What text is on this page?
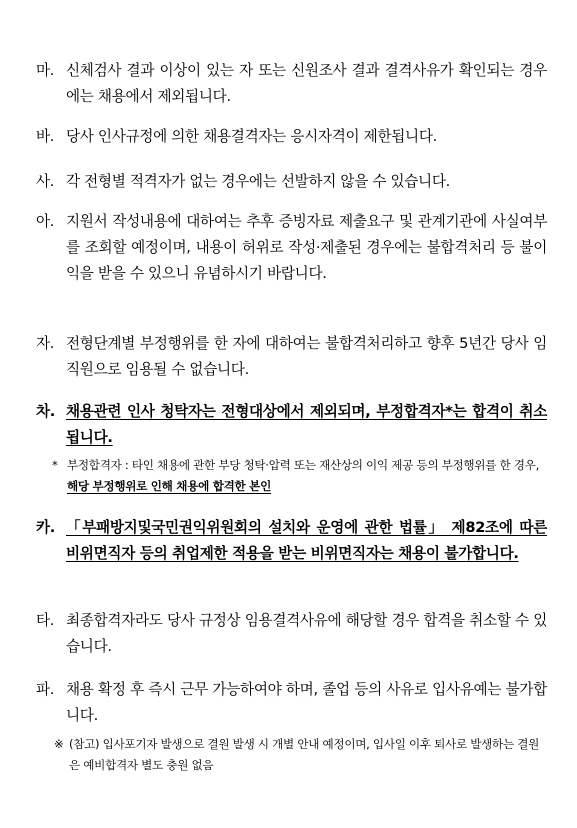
마. 신체검사 결과 이상이 있는 자 또는 신원조사 결과 결격사유가 확인되는 경우에는 채용에서 제외됩니다.
바. 당사 인사규정에 의한 채용결격자는 응시자격이 제한됩니다.
사. 각 전형별 적격자가 없는 경우에는 선발하지 않을 수 있습니다.
아. 지원서 작성내용에 대하여는 추후 증빙자료 제출요구 및 관계기관에 사실여부를 조회할 예정이며, 내용이 허위로 작성·제출된 경우에는 불합격처리 등 불이익을 받을 수 있으니 유념하시기 바랍니다.
자. 전형단계별 부정행위를 한 자에 대하여는 불합격처리하고 향후 5년간 당사 임직원으로 임용될 수 없습니다.
차. 채용관련 인사 청탁자는 전형대상에서 제외되며, 부정합격자*는 합격이 취소됩니다.
* 부정합격자 : 타인 채용에 관한 부당 청탁·압력 또는 재산상의 이익 제공 등의 부정행위를 한 경우, 해당 부정행위로 인해 채용에 합격한 본인
카. 「부패방지및국민권익위원회의 설치와 운영에 관한 법률」 제82조에 따른 비위면직자 등의 취업제한 적용을 받는 비위면직자는 채용이 불가합니다.
타. 최종합격자라도 당사 규정상 임용결격사유에 해당할 경우 합격을 취소할 수 있습니다.
파. 채용 확정 후 즉시 근무 가능하여야 하며, 졸업 등의 사유로 입사유예는 불가합니다.
※ (참고) 입사포기자 발생으로 결원 발생 시 개별 안내 예정이며, 입사일 이후 퇴사로 발생하는 결원은 예비합격자 별도 충원 없음
